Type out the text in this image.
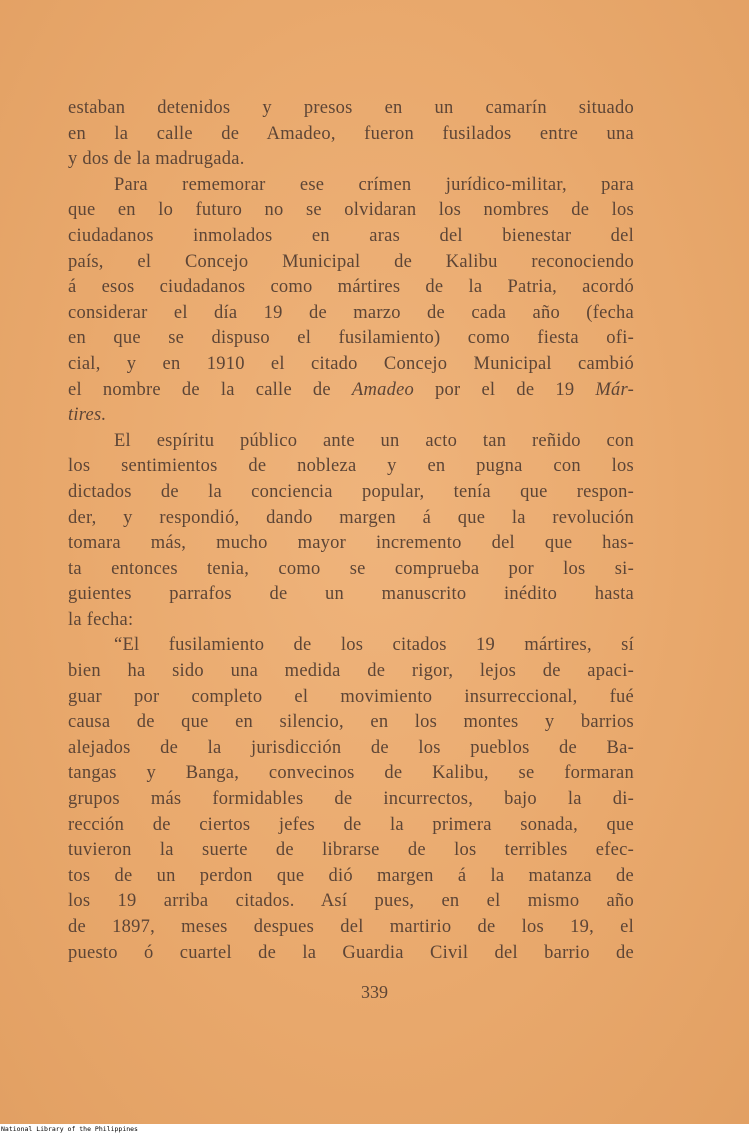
estaban detenidos y presos en un camarín situado
en la calle de Amadeo, fueron fusilados entre una
y dos de la madrugada.

Para rememorar ese crímen jurídico-militar, para
que en lo futuro no se olvidaran los nombres de los
ciudadanos inmolados en aras del bienestar del
país, el Concejo Municipal de Kalibu reconociendo
á esos ciudadanos como mártires de la Patria, acordó
considerar el día 19 de marzo de cada año (fecha
en que se dispuso el fusilamiento) como fiesta ofi-
cial, y en 1910 el citado Concejo Municipal cambió
el nombre de la calle de Amadeo por el de 19 Már-
tires.

El espíritu público ante un acto tan reñido con
los sentimientos de nobleza y en pugna con los
dictados de la conciencia popular, tenía que respon-
der, y respondió, dando margen á que la revolución
tomara más, mucho mayor incremento del que has-
ta entonces tenia, como se comprueba por los si-
guientes parrafos de un manuscrito inédito hasta
la fecha:

“El fusilamiento de los citados 19 mártires, sí
bien ha sido una medida de rigor, lejos de apaci-
guar por completo el movimiento insurreccional, fué
causa de que en silencio, en los montes y barrios
alejados de la jurisdicción de los pueblos de Ba-
tangas y Banga, convecinos de Kalibu, se formaran
grupos más formidables de incurrectos, bajo la di-
rección de ciertos jefes de la primera sonada, que
tuvieron la suerte de librarse de los terribles efec-
tos de un perdon que dió margen á la matanza de
los 19 arriba citados. Así pues, en el mismo año
de 1897, meses despues del martirio de los 19, el
puesto ó cuartel de la Guardia Civil del barrio de

339
National Library of the Philippines
